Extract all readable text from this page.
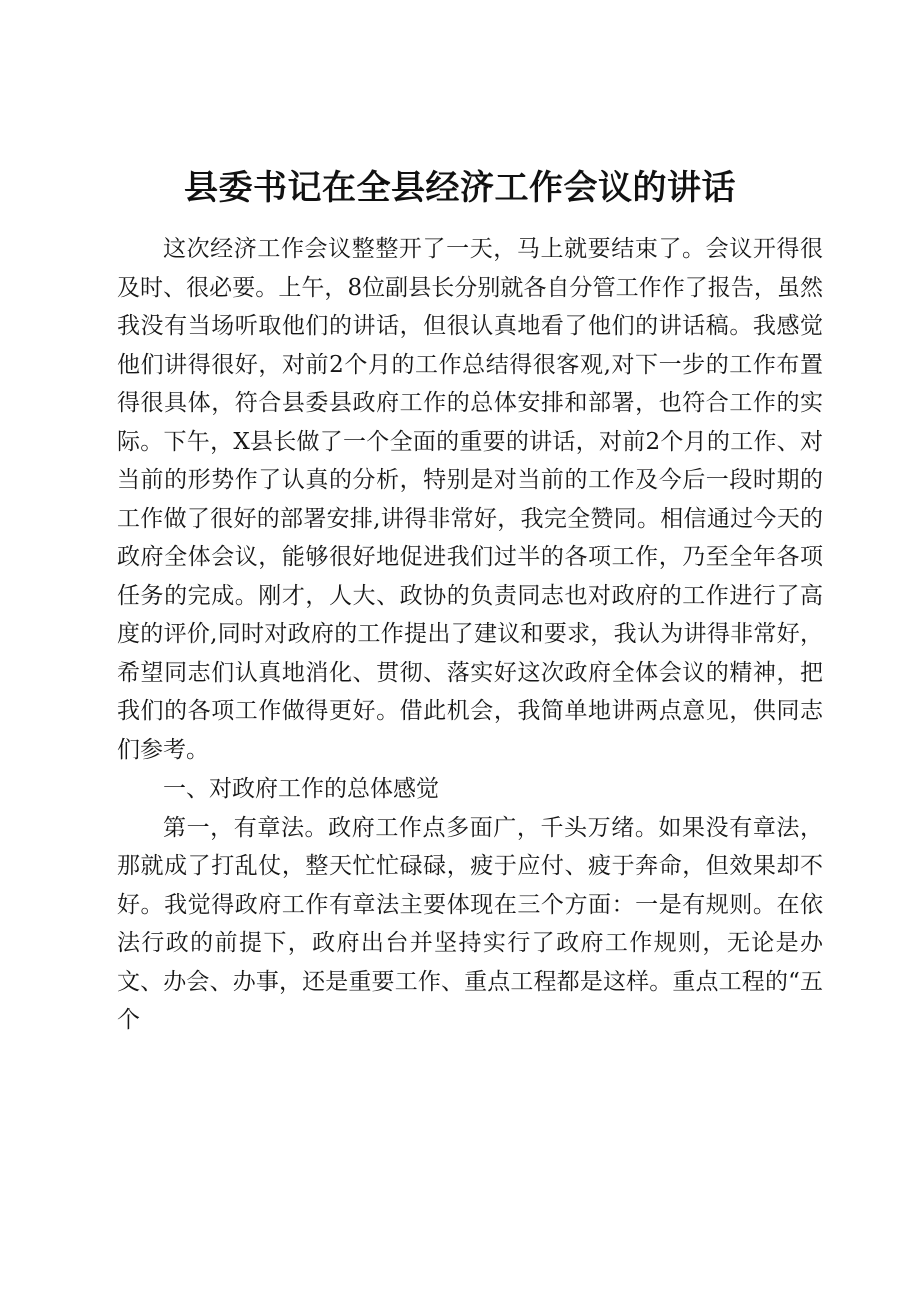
县委书记在全县经济工作会议的讲话

这次经济工作会议整整开了一天，马上就要结束了。会议开得很及时、很必要。上午，8位副县长分别就各自分管工作作了报告，虽然我没有当场听取他们的讲话，但很认真地看了他们的讲话稿。我感觉他们讲得很好，对前2个月的工作总结得很客观,对下一步的工作布置得很具体，符合县委县政府工作的总体安排和部署，也符合工作的实际。下午，X县长做了一个全面的重要的讲话，对前2个月的工作、对当前的形势作了认真的分析，特别是对当前的工作及今后一段时期的工作做了很好的部署安排,讲得非常好，我完全赞同。相信通过今天的政府全体会议，能够很好地促进我们过半的各项工作，乃至全年各项任务的完成。刚才，人大、政协的负责同志也对政府的工作进行了高度的评价,同时对政府的工作提出了建议和要求，我认为讲得非常好，希望同志们认真地消化、贯彻、落实好这次政府全体会议的精神，把我们的各项工作做得更好。借此机会，我简单地讲两点意见，供同志们参考。

一、对政府工作的总体感觉

第一，有章法。政府工作点多面广，千头万绪。如果没有章法，那就成了打乱仗，整天忙忙碌碌，疲于应付、疲于奔命，但效果却不好。我觉得政府工作有章法主要体现在三个方面：一是有规则。在依法行政的前提下，政府出台并坚持实行了政府工作规则，无论是办文、办会、办事，还是重要工作、重点工程都是这样。重点工程的“五个
